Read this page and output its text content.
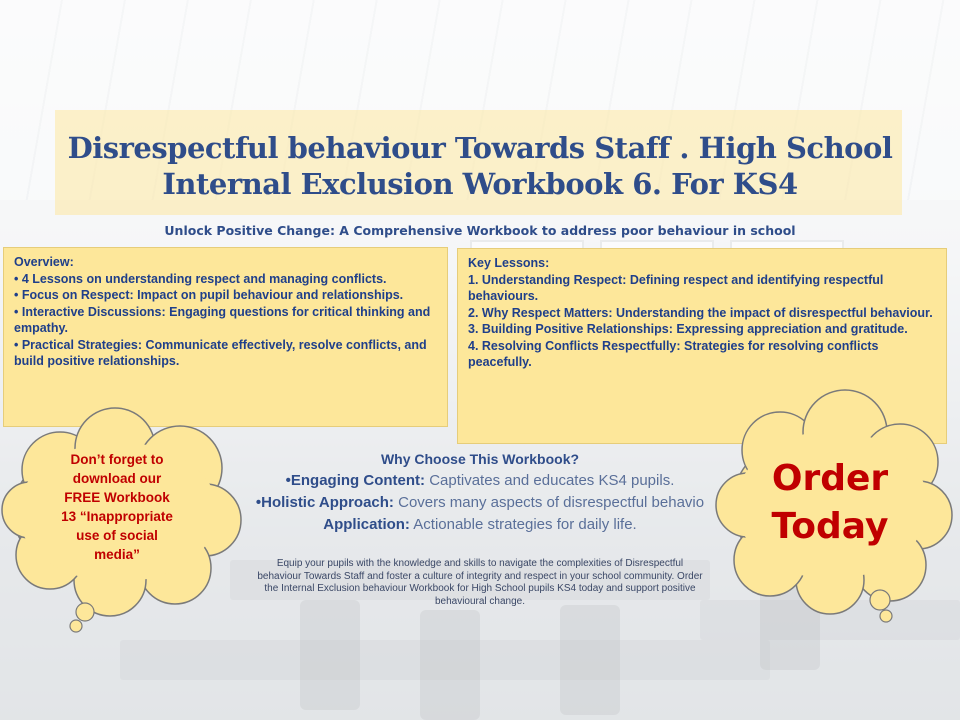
Disrespectful behaviour Towards Staff . High School
Internal Exclusion Workbook 6. For KS4
Unlock Positive Change: A Comprehensive Workbook to address poor behaviour in school

Overview:

• 4 Lessons on understanding respect and managing conflicts.

• Focus on Respect: Impact on pupil behaviour and relationships.

• Interactive Discussions: Engaging questions for critical thinking and empathy.

• Practical Strategies: Communicate effectively, resolve conflicts, and build positive relationships.

Key Lessons:

1. Understanding Respect: Defining respect and identifying respectful behaviours.

2. Why Respect Matters: Understanding the impact of disrespectful behaviour.

3. Building Positive Relationships: Expressing appreciation and gratitude.

4. Resolving Conflicts Respectfully: Strategies for resolving conflicts peacefully.

Why Choose This Workbook?
•Engaging Content: Captivates and educates KS4 pupils.
•Holistic Approach: Covers many aspects of disrespectful behavio
Application: Actionable strategies for daily life.
Equip your pupils with the knowledge and skills to navigate the complexities of Disrespectful behaviour Towards Staff and foster a culture of integrity and respect in your school community. Order the Internal Exclusion behaviour Workbook for High School pupils KS4 today and support positive behavioural change.
Don’t forget to
download our
FREE Workbook
13 “Inappropriate
use of social
media”
Order
Today
